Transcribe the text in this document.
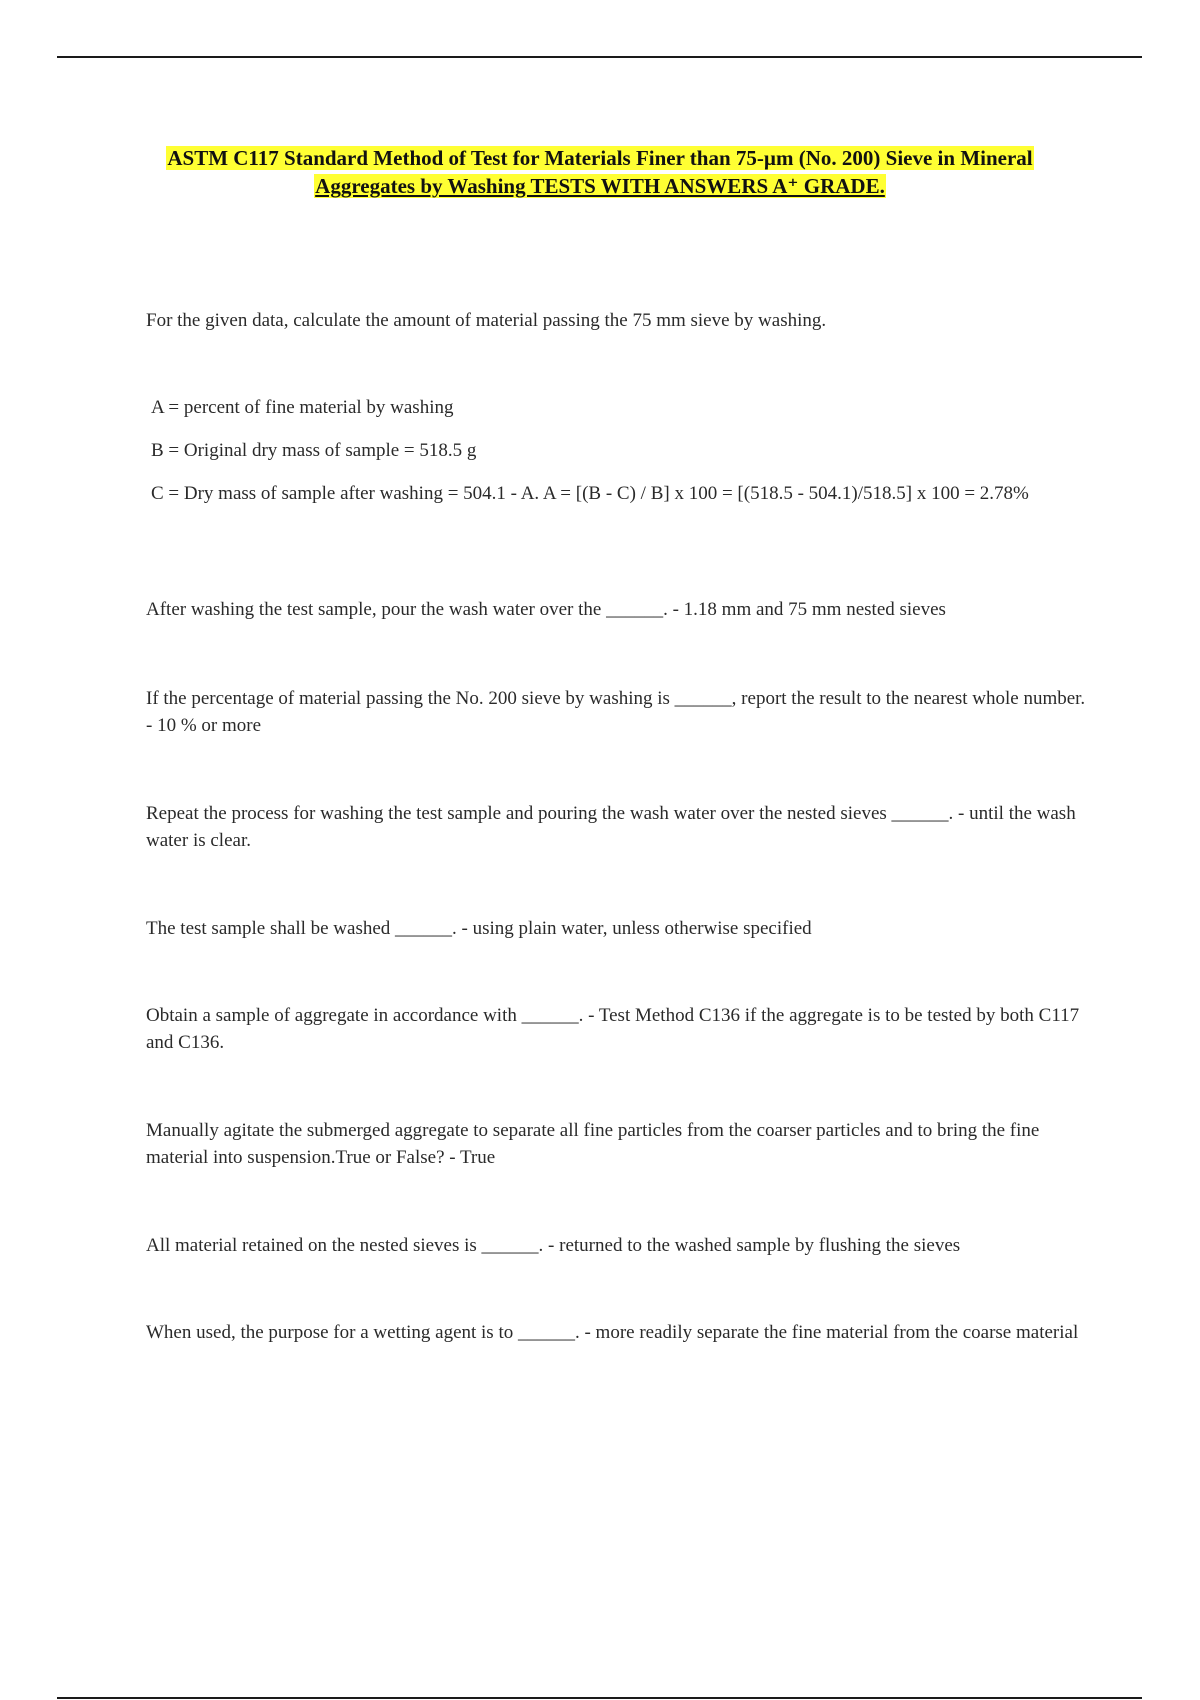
ASTM C117 Standard Method of Test for Materials Finer than 75-µm (No. 200) Sieve in Mineral
Aggregates by Washing TESTS WITH ANSWERS A⁺ GRADE.

For the given data, calculate the amount of material passing the 75 mm sieve by washing.

A = percent of fine material by washing

B = Original dry mass of sample = 518.5 g

C = Dry mass of sample after washing = 504.1 - A. A = [(B - C) / B] x 100 = [(518.5 - 504.1)/518.5] x 100 = 2.78%

After washing the test sample, pour the wash water over the ______. - 1.18 mm and 75 mm nested sieves

If the percentage of material passing the No. 200 sieve by washing is ______, report the result to the nearest whole number. - 10 % or more

Repeat the process for washing the test sample and pouring the wash water over the nested sieves ______. - until the wash water is clear.

The test sample shall be washed ______. - using plain water, unless otherwise specified

Obtain a sample of aggregate in accordance with ______. - Test Method C136 if the aggregate is to be tested by both C117 and C136.

Manually agitate the submerged aggregate to separate all fine particles from the coarser particles and to bring the fine material into suspension.True or False? - True

All material retained on the nested sieves is ______. - returned to the washed sample by flushing the sieves

When used, the purpose for a wetting agent is to ______. - more readily separate the fine material from the coarse material
